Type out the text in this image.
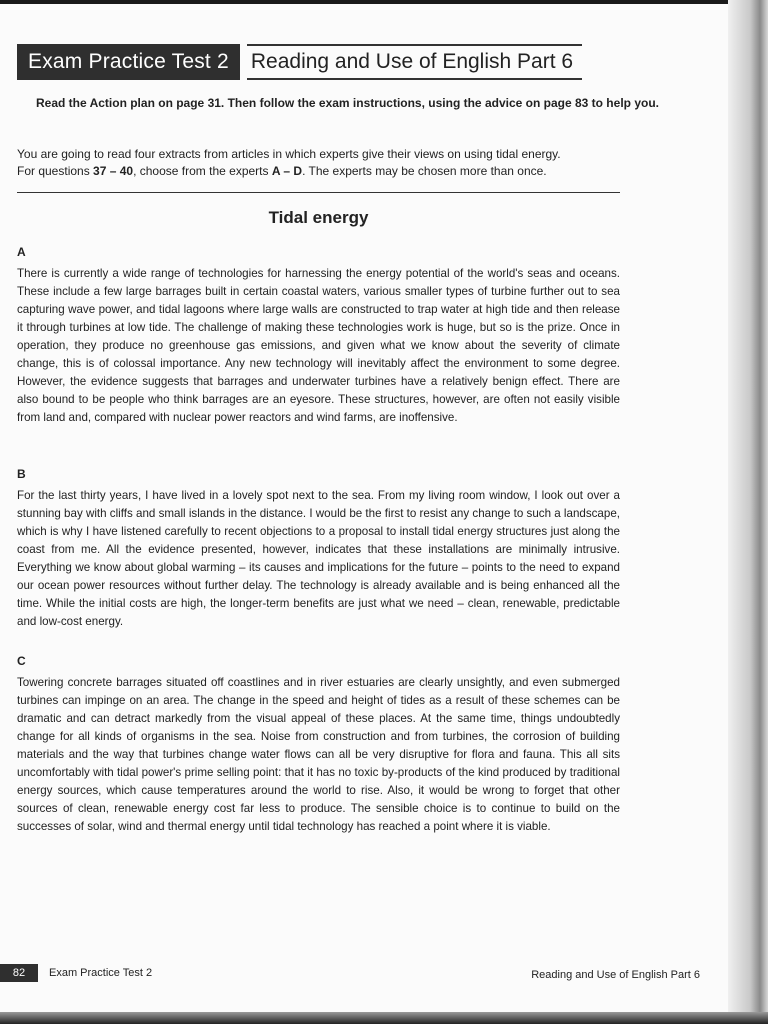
Exam Practice Test 2	Reading and Use of English Part 6
Read the Action plan on page 31. Then follow the exam instructions, using the advice on page 83 to help you.
You are going to read four extracts from articles in which experts give their views on using tidal energy.
For questions 37 – 40, choose from the experts A – D. The experts may be chosen more than once.
Tidal energy
A
There is currently a wide range of technologies for harnessing the energy potential of the world's seas and oceans. These include a few large barrages built in certain coastal waters, various smaller types of turbine further out to sea capturing wave power, and tidal lagoons where large walls are constructed to trap water at high tide and then release it through turbines at low tide. The challenge of making these technologies work is huge, but so is the prize. Once in operation, they produce no greenhouse gas emissions, and given what we know about the severity of climate change, this is of colossal importance. Any new technology will inevitably affect the environment to some degree. However, the evidence suggests that barrages and underwater turbines have a relatively benign effect. There are also bound to be people who think barrages are an eyesore. These structures, however, are often not easily visible from land and, compared with nuclear power reactors and wind farms, are inoffensive.
B
For the last thirty years, I have lived in a lovely spot next to the sea. From my living room window, I look out over a stunning bay with cliffs and small islands in the distance. I would be the first to resist any change to such a landscape, which is why I have listened carefully to recent objections to a proposal to install tidal energy structures just along the coast from me. All the evidence presented, however, indicates that these installations are minimally intrusive. Everything we know about global warming – its causes and implications for the future – points to the need to expand our ocean power resources without further delay. The technology is already available and is being enhanced all the time. While the initial costs are high, the longer-term benefits are just what we need – clean, renewable, predictable and low-cost energy.
C
Towering concrete barrages situated off coastlines and in river estuaries are clearly unsightly, and even submerged turbines can impinge on an area. The change in the speed and height of tides as a result of these schemes can be dramatic and can detract markedly from the visual appeal of these places. At the same time, things undoubtedly change for all kinds of organisms in the sea. Noise from construction and from turbines, the corrosion of building materials and the way that turbines change water flows can all be very disruptive for flora and fauna. This all sits uncomfortably with tidal power's prime selling point: that it has no toxic by-products of the kind produced by traditional energy sources, which cause temperatures around the world to rise. Also, it would be wrong to forget that other sources of clean, renewable energy cost far less to produce. The sensible choice is to continue to build on the successes of solar, wind and thermal energy until tidal technology has reached a point where it is viable.
82	Exam Practice Test 2	Reading and Use of English Part 6
